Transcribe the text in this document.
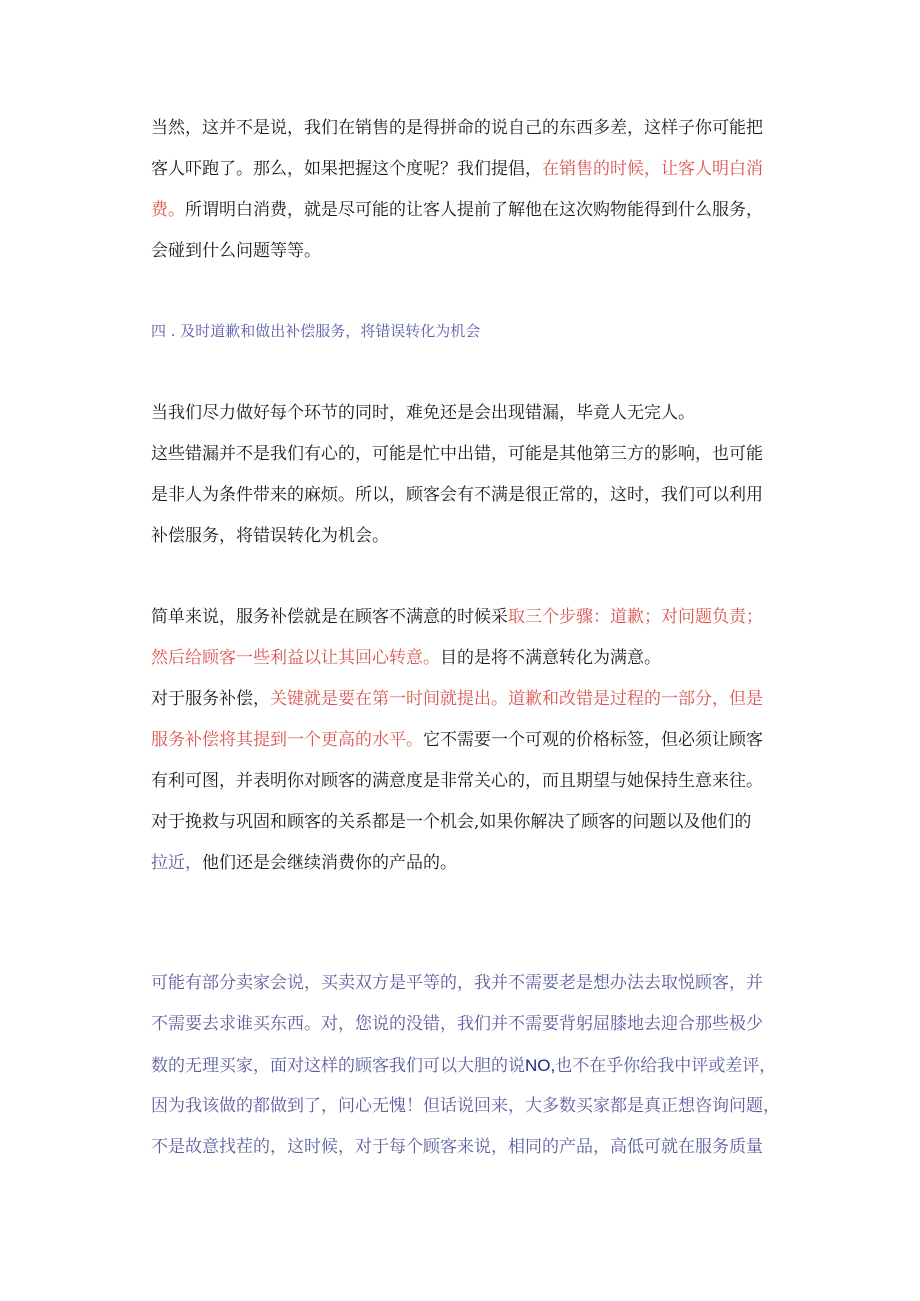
当然，这并不是说，我们在销售的是得拼命的说自己的东西多差，这样子你可能把
客人吓跑了。那么，如果把握这个度呢？我们提倡，在销售的时候，让客人明白消
费。所谓明白消费，就是尽可能的让客人提前了解他在这次购物能得到什么服务，
会碰到什么问题等等。
四 . 及时道歉和做出补偿服务，将错误转化为机会
当我们尽力做好每个环节的同时，难免还是会出现错漏，毕竟人无完人。
这些错漏并不是我们有心的，可能是忙中出错，可能是其他第三方的影响，也可能
是非人为条件带来的麻烦。所以，顾客会有不满是很正常的，这时，我们可以利用
补偿服务，将错误转化为机会。
简单来说，服务补偿就是在顾客不满意的时候采取三个步骤：道歉；对问题负责；
然后给顾客一些利益以让其回心转意。目的是将不满意转化为满意。
对于服务补偿，关键就是要在第一时间就提出。道歉和改错是过程的一部分，但是
服务补偿将其提到一个更高的水平。它不需要一个可观的价格标签，但必须让顾客
有利可图，并表明你对顾客的满意度是非常关心的，而且期望与她保持生意来往。
对于挽救与巩固和顾客的关系都是一个机会,如果你解决了顾客的问题以及他们的
拉近，他们还是会继续消费你的产品的。
可能有部分卖家会说，买卖双方是平等的，我并不需要老是想办法去取悦顾客，并
不需要去求谁买东西。对，您说的没错，我们并不需要背躬屈膝地去迎合那些极少
数的无理买家，面对这样的顾客我们可以大胆的说NO,也不在乎你给我中评或差评，
因为我该做的都做到了，问心无愧！但话说回来，大多数买家都是真正想咨询问题，
不是故意找茬的，这时候，对于每个顾客来说，相同的产品，高低可就在服务质量
